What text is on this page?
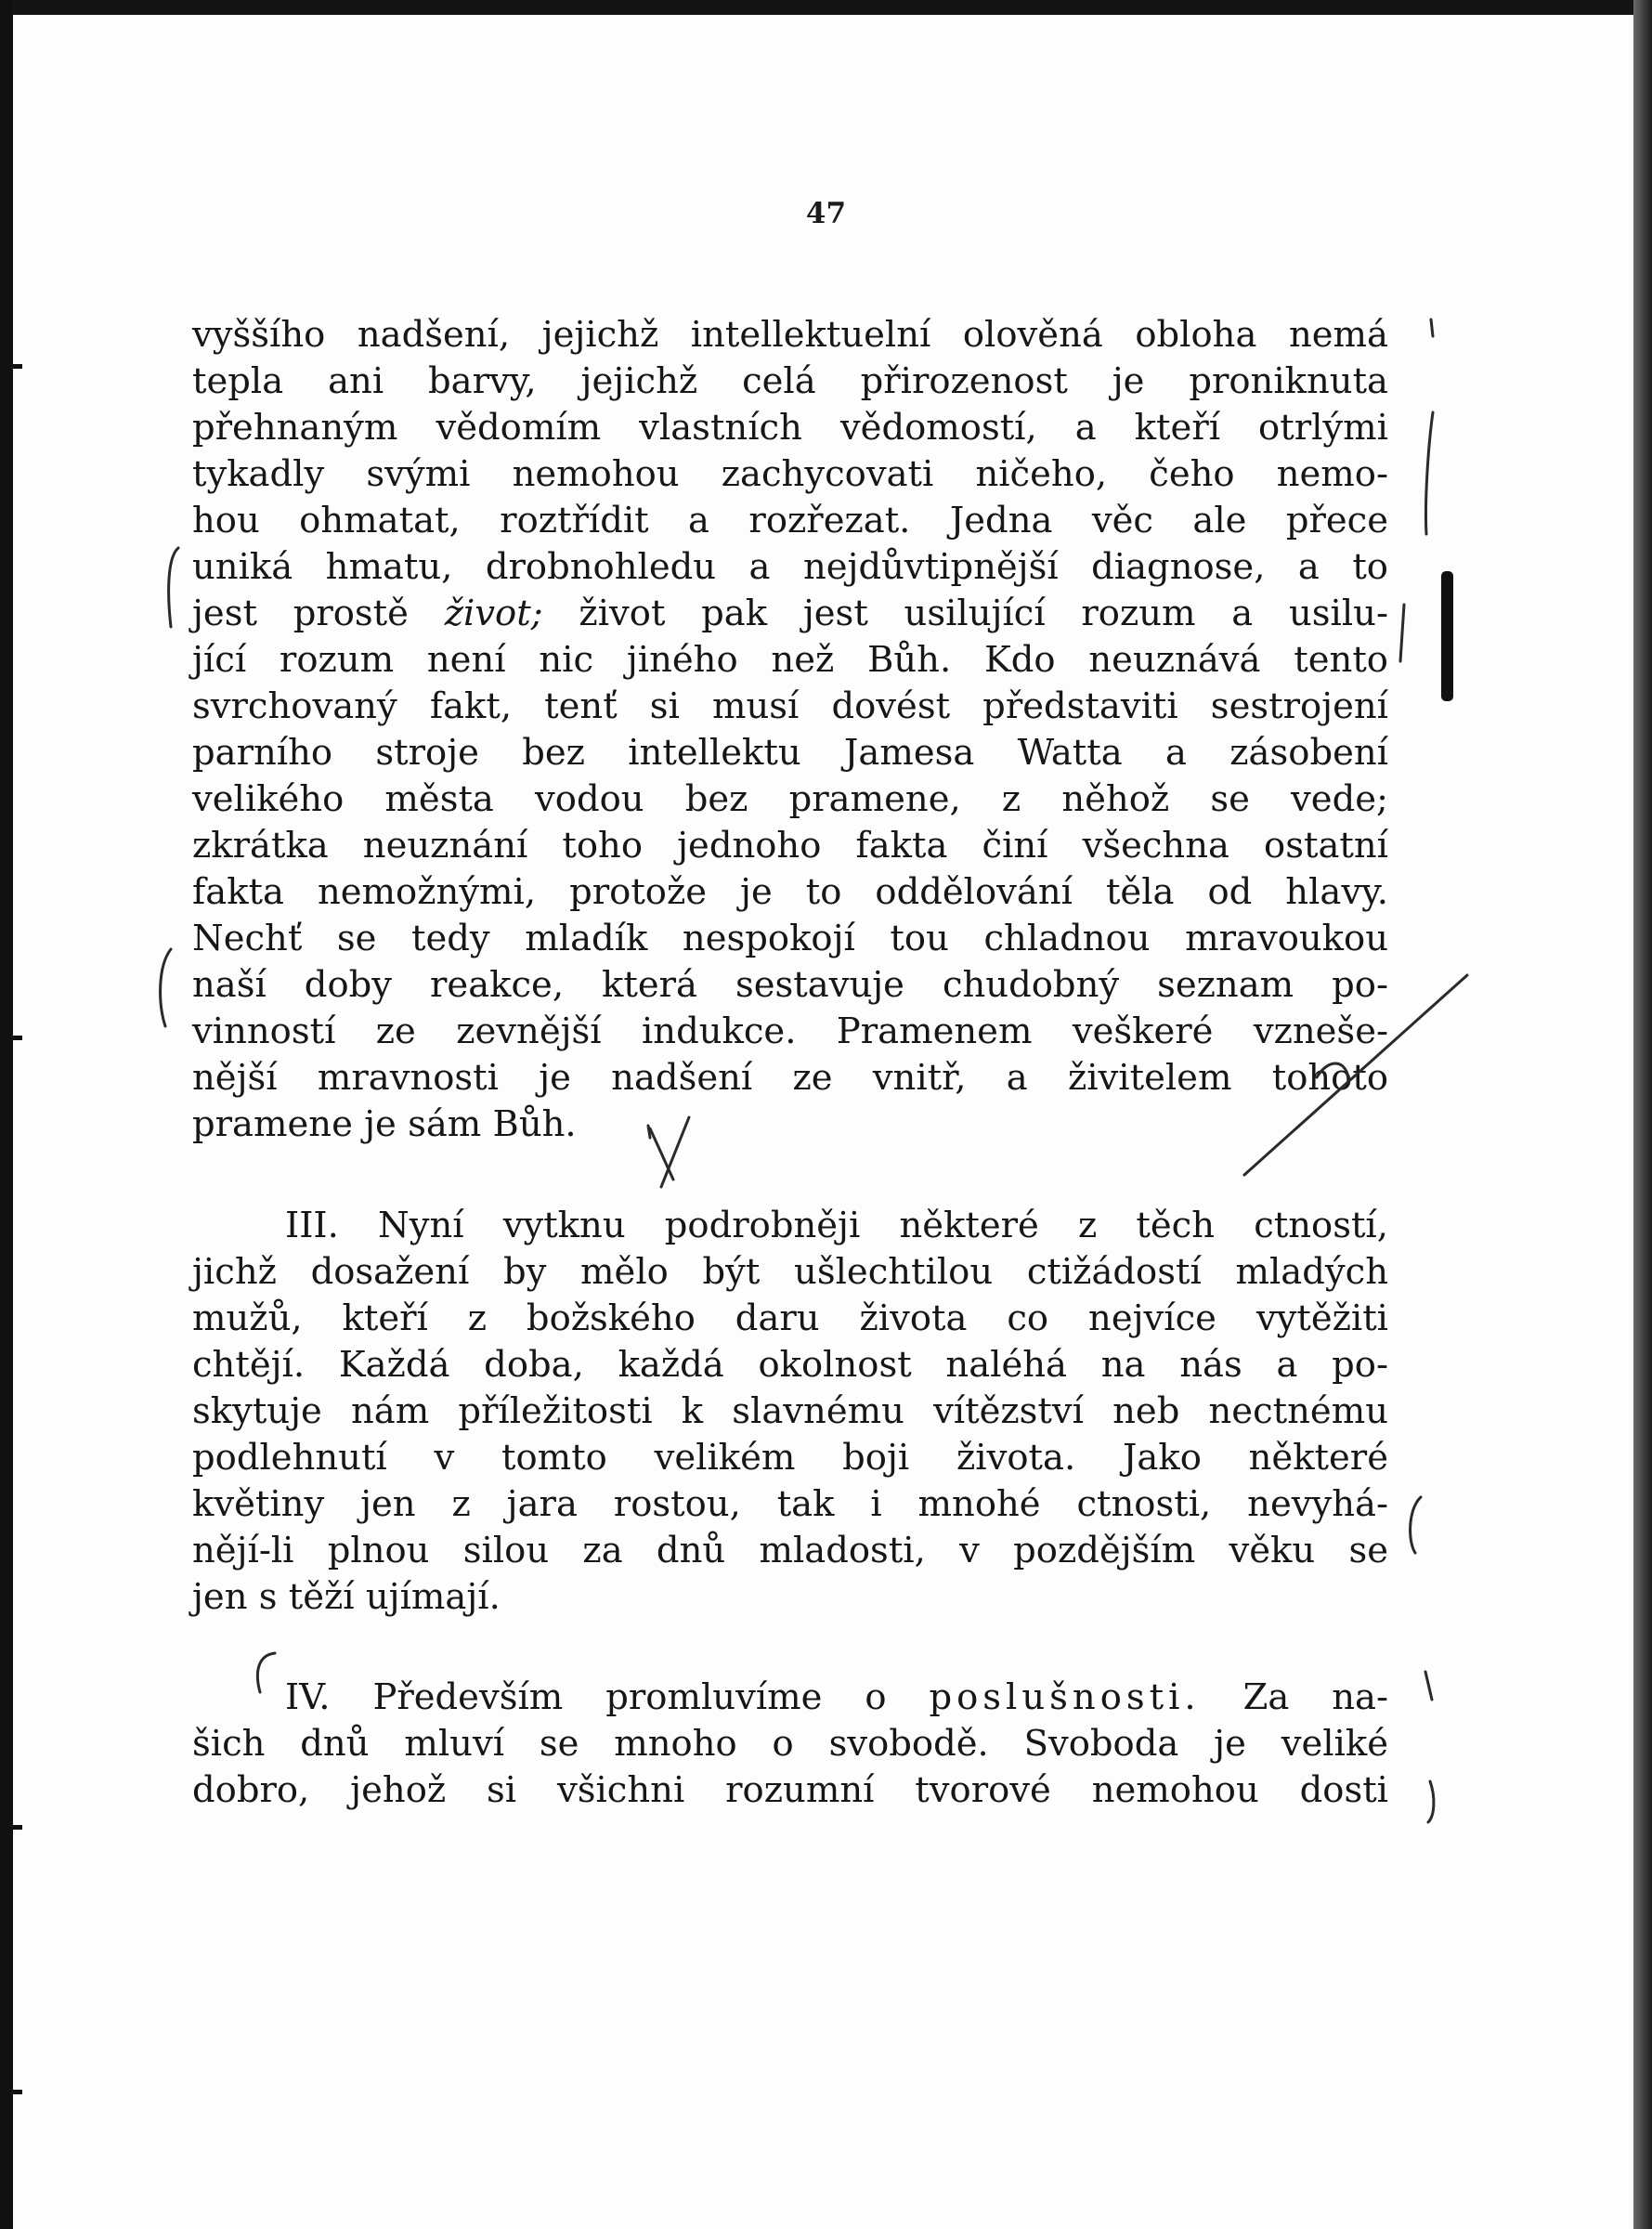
47
vyššího nadšení, jejichž intellektuelní olověná obloha nemá
tepla ani barvy, jejichž celá přirozenost je proniknuta
přehnaným vědomím vlastních vědomostí, a kteří otrlými
tykadly svými nemohou zachycovati ničeho, čeho nemo-
hou ohmatat, roztřídit a rozřezat. Jedna věc ale přece
uniká hmatu, drobnohledu a nejdůvtipnější diagnose, a to
jest prostě život; život pak jest usilující rozum a usilu-
jící rozum není nic jiného než Bůh. Kdo neuznává tento
svrchovaný fakt, tenť si musí dovést představiti sestrojení
parního stroje bez intellektu Jamesa Watta a zásobení
velikého města vodou bez pramene, z něhož se vede;
zkrátka neuznání toho jednoho fakta činí všechna ostatní
fakta nemožnými, protože je to oddělování těla od hlavy.
Nechť se tedy mladík nespokojí tou chladnou mravoukou
naší doby reakce, která sestavuje chudobný seznam po-
vinností ze zevnější indukce. Pramenem veškeré vzneše-
nější mravnosti je nadšení ze vnitř, a živitelem tohoto
pramene je sám Bůh.
III. Nyní vytknu podrobněji některé z těch ctností,
jichž dosažení by mělo být ušlechtilou ctižádostí mladých
mužů, kteří z božského daru života co nejvíce vytěžiti
chtějí. Každá doba, každá okolnost naléhá na nás a po-
skytuje nám příležitosti k slavnému vítězství neb nectnému
podlehnutí v tomto velikém boji života. Jako některé
květiny jen z jara rostou, tak i mnohé ctnosti, nevyhá-
nějí-li plnou silou za dnů mladosti, v pozdějším věku se
jen s těží ujímají.
IV. Především promluvíme o poslušnosti. Za na-
šich dnů mluví se mnoho o svobodě. Svoboda je veliké
dobro, jehož si všichni rozumní tvorové nemohou dosti
